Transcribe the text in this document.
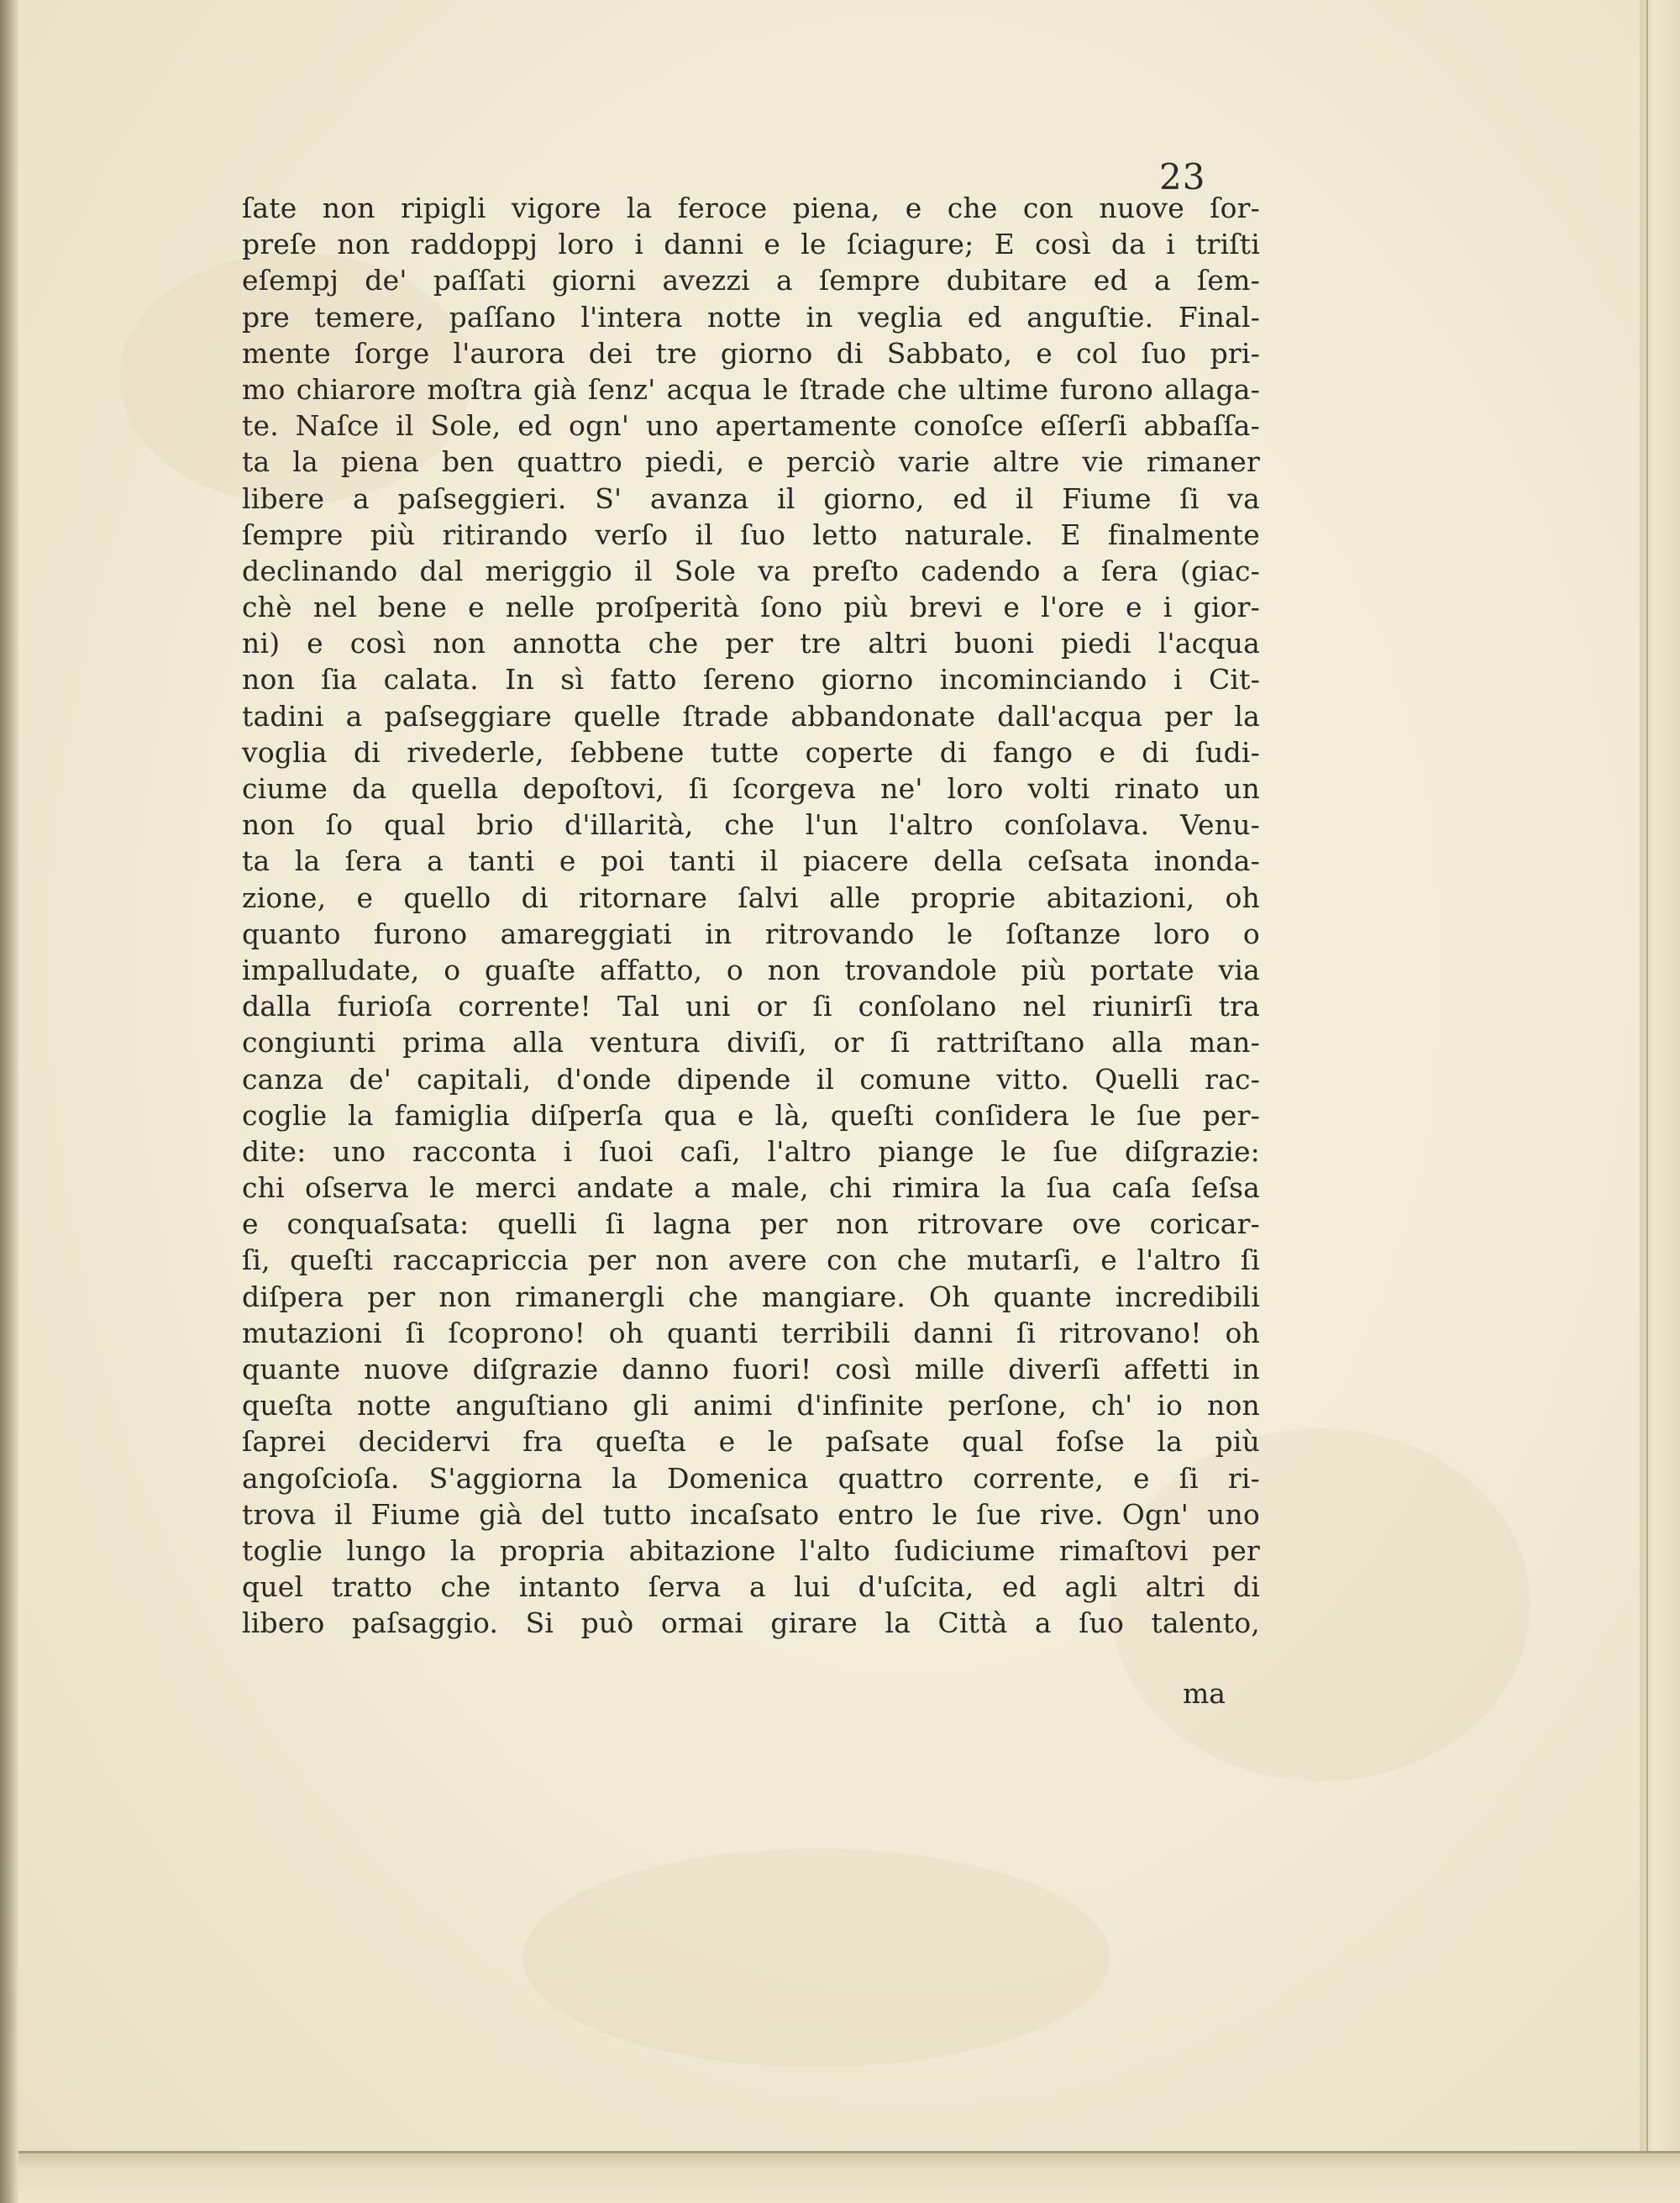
23
ſate non ripigli vigore la feroce piena, e che con nuove ſor-
preſe non raddoppj loro i danni e le ſciagure; E così da i triſti
eſempj de' paſſati giorni avezzi a ſempre dubitare ed a ſem-
pre temere, paſſano l'intera notte in veglia ed anguſtie. Final-
mente ſorge l'aurora dei tre giorno di Sabbato, e col ſuo pri-
mo chiarore moſtra già ſenz' acqua le ſtrade che ultime furono allaga-
te. Naſce il Sole, ed ogn' uno apertamente conoſce eſſerſi abbaſſa-
ta la piena ben quattro piedi, e perciò varie altre vie rimaner
libere a paſseggieri. S' avanza il giorno, ed il Fiume ſi va
ſempre più ritirando verſo il ſuo letto naturale. E finalmente
declinando dal meriggio il Sole va preſto cadendo a ſera (giac-
chè nel bene e nelle proſperità ſono più brevi e l'ore e i gior-
ni) e così non annotta che per tre altri buoni piedi l'acqua
non ſia calata. In sì fatto ſereno giorno incominciando i Cit-
tadini a paſseggiare quelle ſtrade abbandonate dall'acqua per la
voglia di rivederle, ſebbene tutte coperte di fango e di ſudi-
ciume da quella depoſtovi, ſi ſcorgeva ne' loro volti rinato un
non ſo qual brio d'illarità, che l'un l'altro conſolava. Venu-
ta la ſera a tanti e poi tanti il piacere della ceſsata inonda-
zione, e quello di ritornare ſalvi alle proprie abitazioni, oh
quanto furono amareggiati in ritrovando le ſoſtanze loro o
impalludate, o guaſte affatto, o non trovandole più portate via
dalla furioſa corrente! Tal uni or ſi conſolano nel riunirſi tra
congiunti prima alla ventura diviſi, or ſi rattriſtano alla man-
canza de' capitali, d'onde dipende il comune vitto. Quelli rac-
coglie la famiglia diſperſa qua e là, queſti conſidera le ſue per-
dite: uno racconta i ſuoi caſi, l'altro piange le ſue diſgrazie:
chi oſserva le merci andate a male, chi rimira la ſua caſa ſeſsa
e conquaſsata: quelli ſi lagna per non ritrovare ove coricar-
ſi, queſti raccapriccia per non avere con che mutarſi, e l'altro ſi
diſpera per non rimanergli che mangiare. Oh quante incredibili
mutazioni ſi ſcoprono! oh quanti terribili danni ſi ritrovano! oh
quante nuove diſgrazie danno fuori! così mille diverſi affetti in
queſta notte anguſtiano gli animi d'infinite perſone, ch' io non
ſaprei decidervi fra queſta e le paſsate qual foſse la più
angoſcioſa. S'aggiorna la Domenica quattro corrente, e ſi ri-
trova il Fiume già del tutto incaſsato entro le ſue rive. Ogn' uno
toglie lungo la propria abitazione l'alto ſudiciume rimaſtovi per
quel tratto che intanto ſerva a lui d'uſcita, ed agli altri di
libero paſsaggio. Si può ormai girare la Città a ſuo talento,
ma
